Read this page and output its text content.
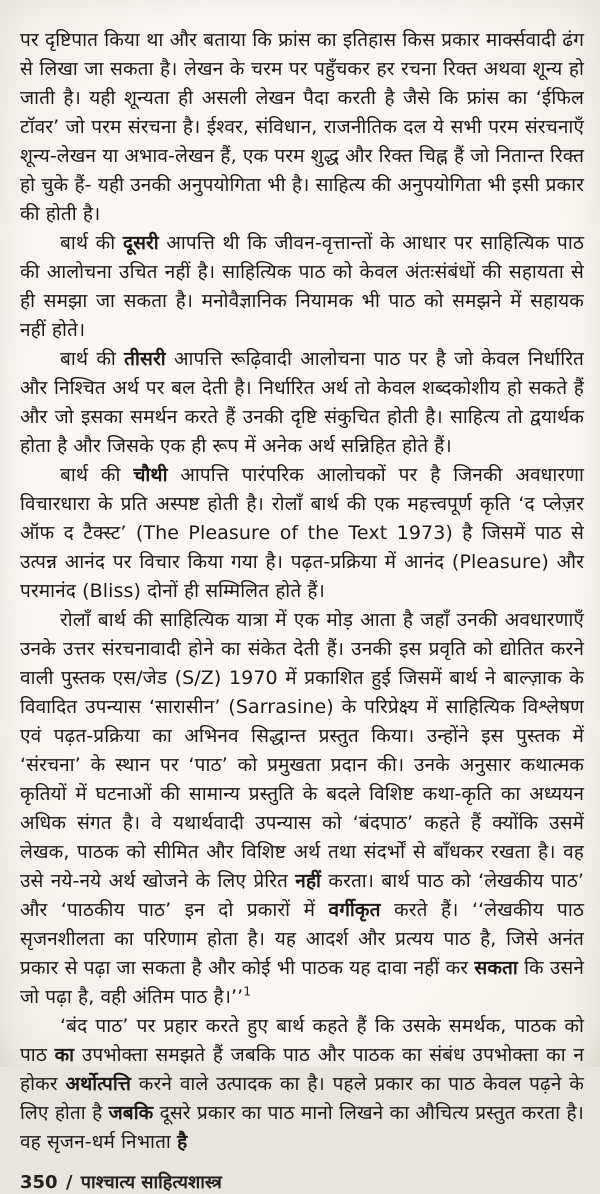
पर दृष्टिपात किया था और बताया कि फ्रांस का इतिहास किस प्रकार मार्क्सवादी ढंग से लिखा जा सकता है। लेखन के चरम पर पहुँचकर हर रचना रिक्त अथवा शून्य हो जाती है। यही शून्यता ही असली लेखन पैदा करती है जैसे कि फ्रांस का ‘ईफिल टॉवर’ जो परम संरचना है। ईश्वर, संविधान, राजनीतिक दल ये सभी परम संरचनाएँ शून्य-लेखन या अभाव-लेखन हैं, एक परम शुद्ध और रिक्त चिह्न हैं जो नितान्त रिक्त हो चुके हैं- यही उनकी अनुपयोगिता भी है। साहित्य की अनुपयोगिता भी इसी प्रकार की होती है।

बार्थ की दूसरी आपत्ति थी कि जीवन-वृत्तान्तों के आधार पर साहित्यिक पाठ की आलोचना उचित नहीं है। साहित्यिक पाठ को केवल अंतःसंबंधों की सहायता से ही समझा जा सकता है। मनोवैज्ञानिक नियामक भी पाठ को समझने में सहायक नहीं होते।

बार्थ की तीसरी आपत्ति रूढ़िवादी आलोचना पाठ पर है जो केवल निर्धारित और निश्चित अर्थ पर बल देती है। निर्धारित अर्थ तो केवल शब्दकोशीय हो सकते हैं और जो इसका समर्थन करते हैं उनकी दृष्टि संकुचित होती है। साहित्य तो द्वयार्थक होता है और जिसके एक ही रूप में अनेक अर्थ सन्निहित होते हैं।

बार्थ की चौथी आपत्ति पारंपरिक आलोचकों पर है जिनकी अवधारणा विचारधारा के प्रति अस्पष्ट होती है। रोलाँ बार्थ की एक महत्त्वपूर्ण कृति ‘द प्लेज़र ऑफ द टैक्स्ट’ (The Pleasure of the Text 1973) है जिसमें पाठ से उत्पन्न आनंद पर विचार किया गया है। पढ़त-प्रक्रिया में आनंद (Pleasure) और परमानंद (Bliss) दोनों ही सम्मिलित होते हैं।

रोलाँ बार्थ की साहित्यिक यात्रा में एक मोड़ आता है जहाँ उनकी अवधारणाएँ उनके उत्तर संरचनावादी होने का संकेत देती हैं। उनकी इस प्रवृति को द्योतित करने वाली पुस्तक एस/जेड (S/Z) 1970 में प्रकाशित हुई जिसमें बार्थ ने बाल्ज़ाक के विवादित उपन्यास ‘सारासीन’ (Sarrasine) के परिप्रेक्ष्य में साहित्यिक विश्लेषण एवं पढ़त-प्रक्रिया का अभिनव सिद्धान्त प्रस्तुत किया। उन्होंने इस पुस्तक में ‘संरचना’ के स्थान पर ‘पाठ’ को प्रमुखता प्रदान की। उनके अनुसार कथात्मक कृतियों में घटनाओं की सामान्य प्रस्तुति के बदले विशिष्ट कथा-कृति का अध्ययन अधिक संगत है। वे यथार्थवादी उपन्यास को ‘बंदपाठ’ कहते हैं क्योंकि उसमें लेखक, पाठक को सीमित और विशिष्ट अर्थ तथा संदर्भों से बाँधकर रखता है। वह उसे नये-नये अर्थ खोजने के लिए प्रेरित नहीं करता। बार्थ पाठ को ‘लेखकीय पाठ’ और ‘पाठकीय पाठ’ इन दो प्रकारों में वर्गीकृत करते हैं। ‘‘लेखकीय पाठ सृजनशीलता का परिणाम होता है। यह आदर्श और प्रत्यय पाठ है, जिसे अनंत प्रकार से पढ़ा जा सकता है और कोई भी पाठक यह दावा नहीं कर सकता कि उसने जो पढ़ा है, वही अंतिम पाठ है।’’$^1$

‘बंद पाठ’ पर प्रहार करते हुए बार्थ कहते हैं कि उसके समर्थक, पाठक को पाठ का उपभोक्ता समझते हैं जबकि पाठ और पाठक का संबंध उपभोक्ता का न होकर अर्थोत्पत्ति करने वाले उत्पादक का है। पहले प्रकार का पाठ केवल पढ़ने के लिए होता है जबकि दूसरे प्रकार का पाठ मानो लिखने का औचित्य प्रस्तुत करता है। वह सृजन-धर्म निभाता है

350 / पाश्चात्य साहित्यशास्त्र
